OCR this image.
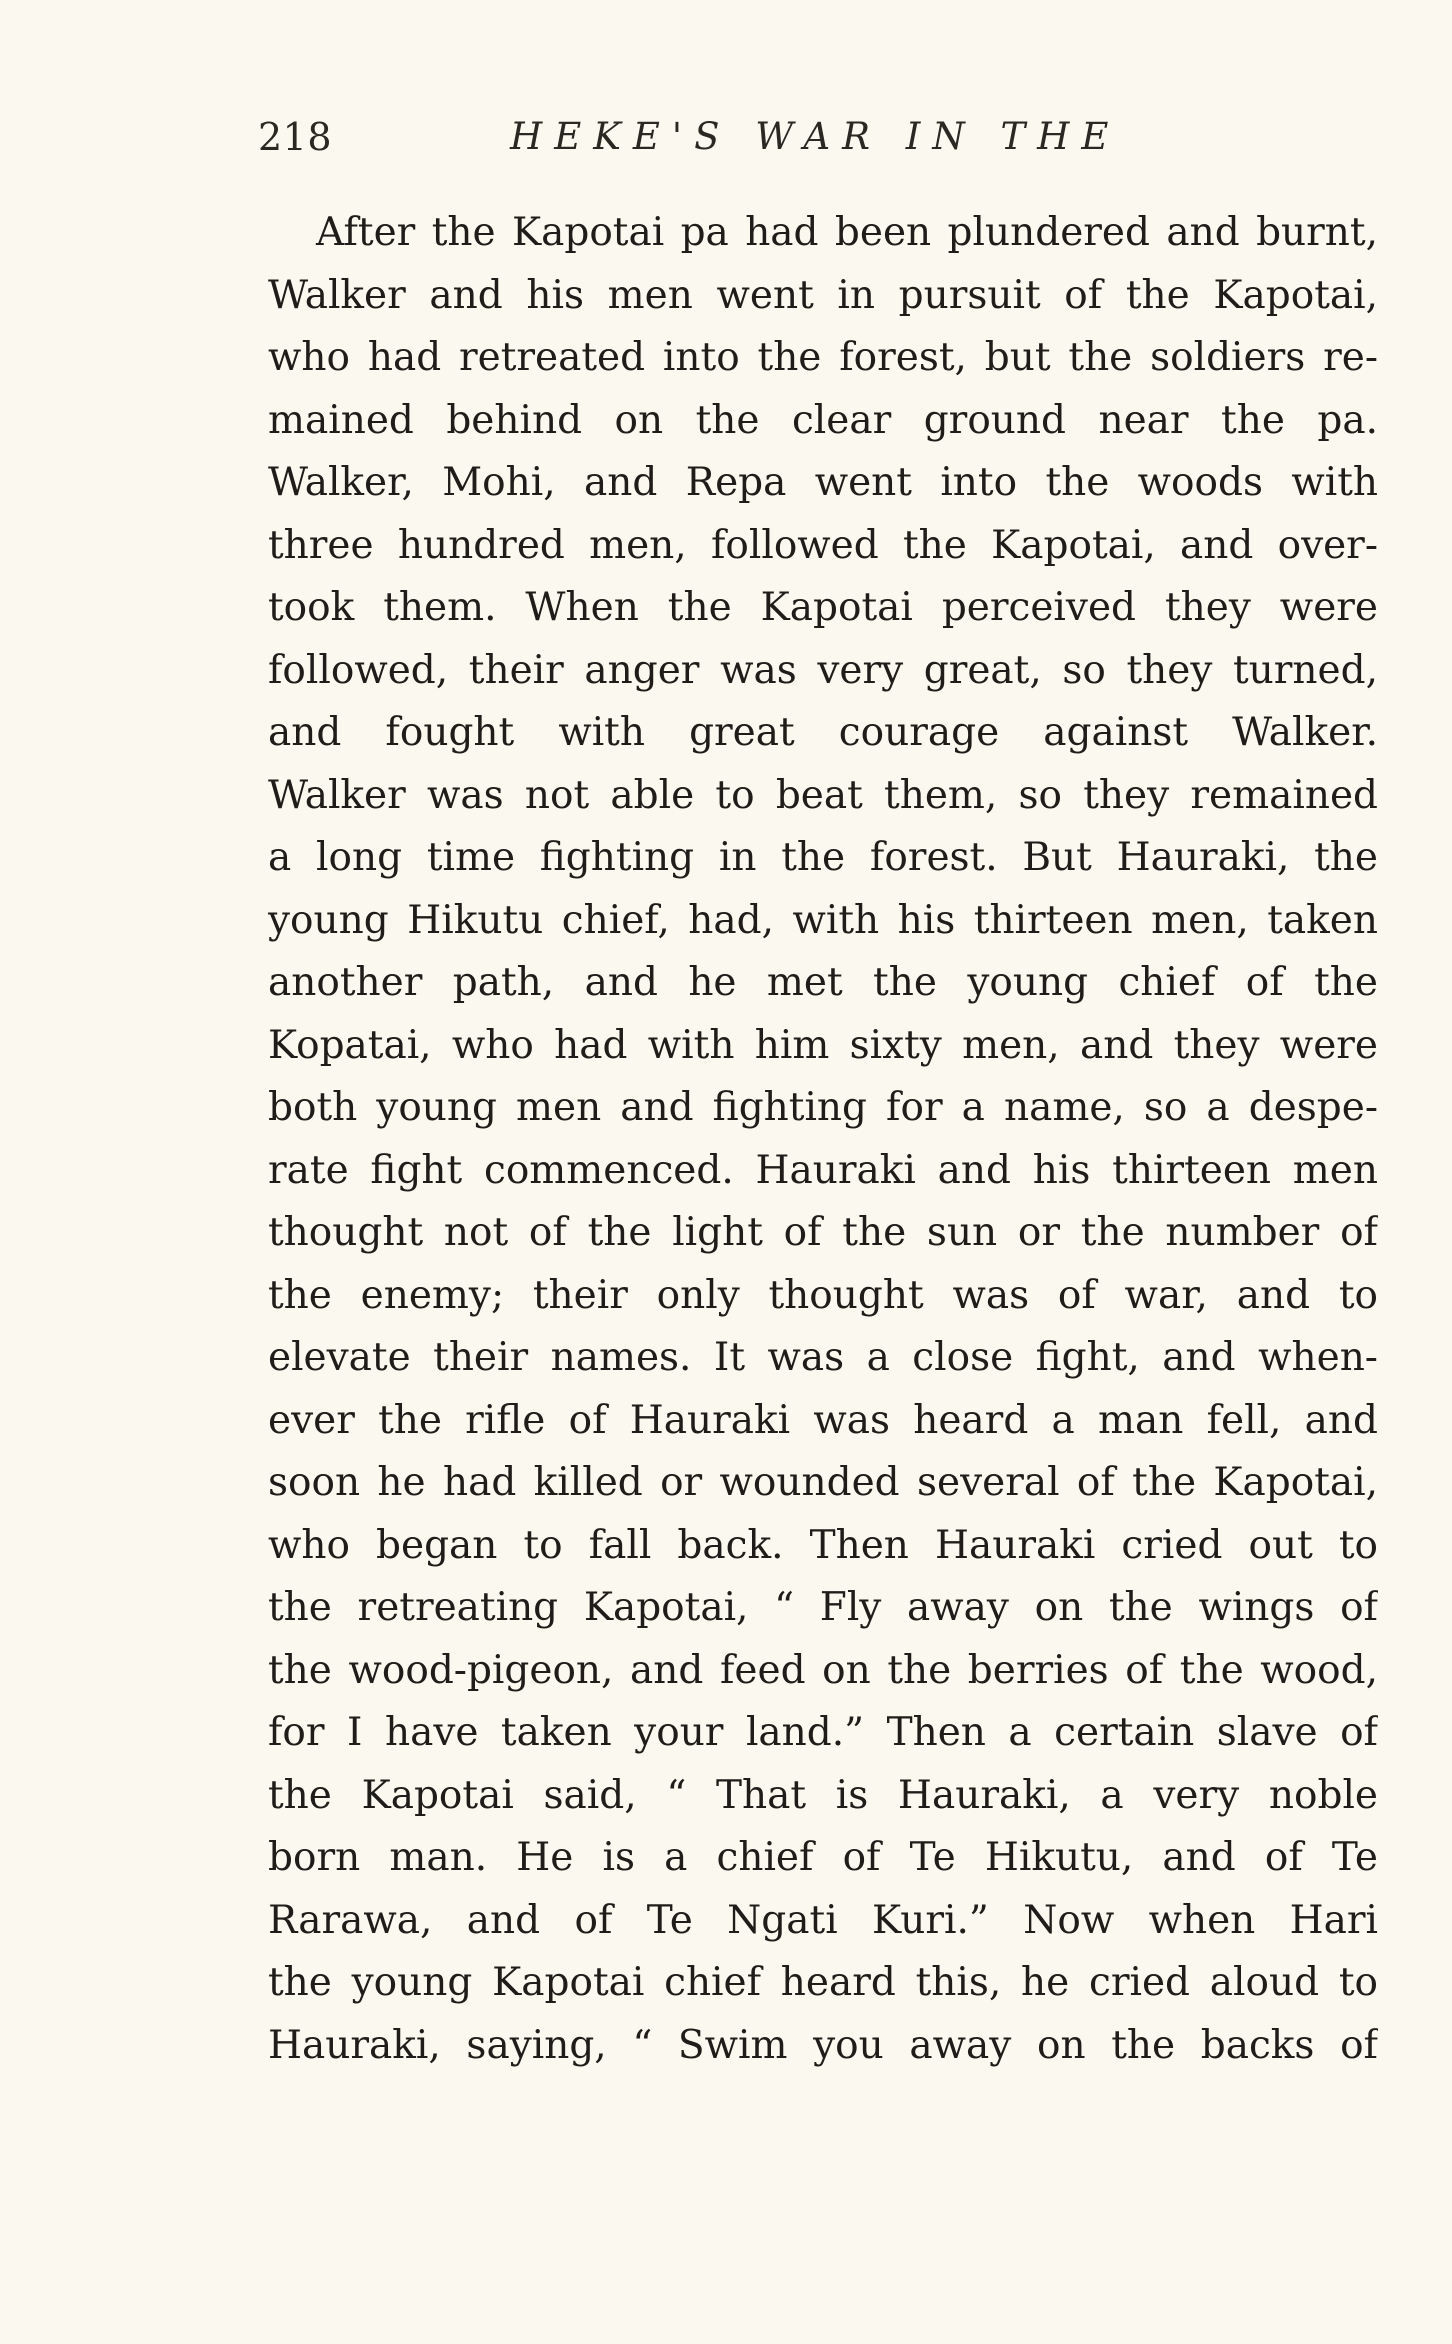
218	HEKE'S WAR IN THE
After the Kapotai pa had been plundered and burnt,
Walker and his men went in pursuit of the Kapotai,
who had retreated into the forest, but the soldiers re-
mained behind on the clear ground near the pa.
Walker, Mohi, and Repa went into the woods with
three hundred men, followed the Kapotai, and over-
took them. When the Kapotai perceived they were
followed, their anger was very great, so they turned,
and fought with great courage against Walker.
Walker was not able to beat them, so they remained
a long time fighting in the forest. But Hauraki, the
young Hikutu chief, had, with his thirteen men, taken
another path, and he met the young chief of the
Kopatai, who had with him sixty men, and they were
both young men and fighting for a name, so a despe-
rate fight commenced. Hauraki and his thirteen men
thought not of the light of the sun or the number of
the enemy; their only thought was of war, and to
elevate their names. It was a close fight, and when-
ever the rifle of Hauraki was heard a man fell, and
soon he had killed or wounded several of the Kapotai,
who began to fall back. Then Hauraki cried out to
the retreating Kapotai, “ Fly away on the wings of
the wood-pigeon, and feed on the berries of the wood,
for I have taken your land.” Then a certain slave of
the Kapotai said, “ That is Hauraki, a very noble
born man. He is a chief of Te Hikutu, and of Te
Rarawa, and of Te Ngati Kuri.” Now when Hari
the young Kapotai chief heard this, he cried aloud to
Hauraki, saying, “ Swim you away on the backs of
